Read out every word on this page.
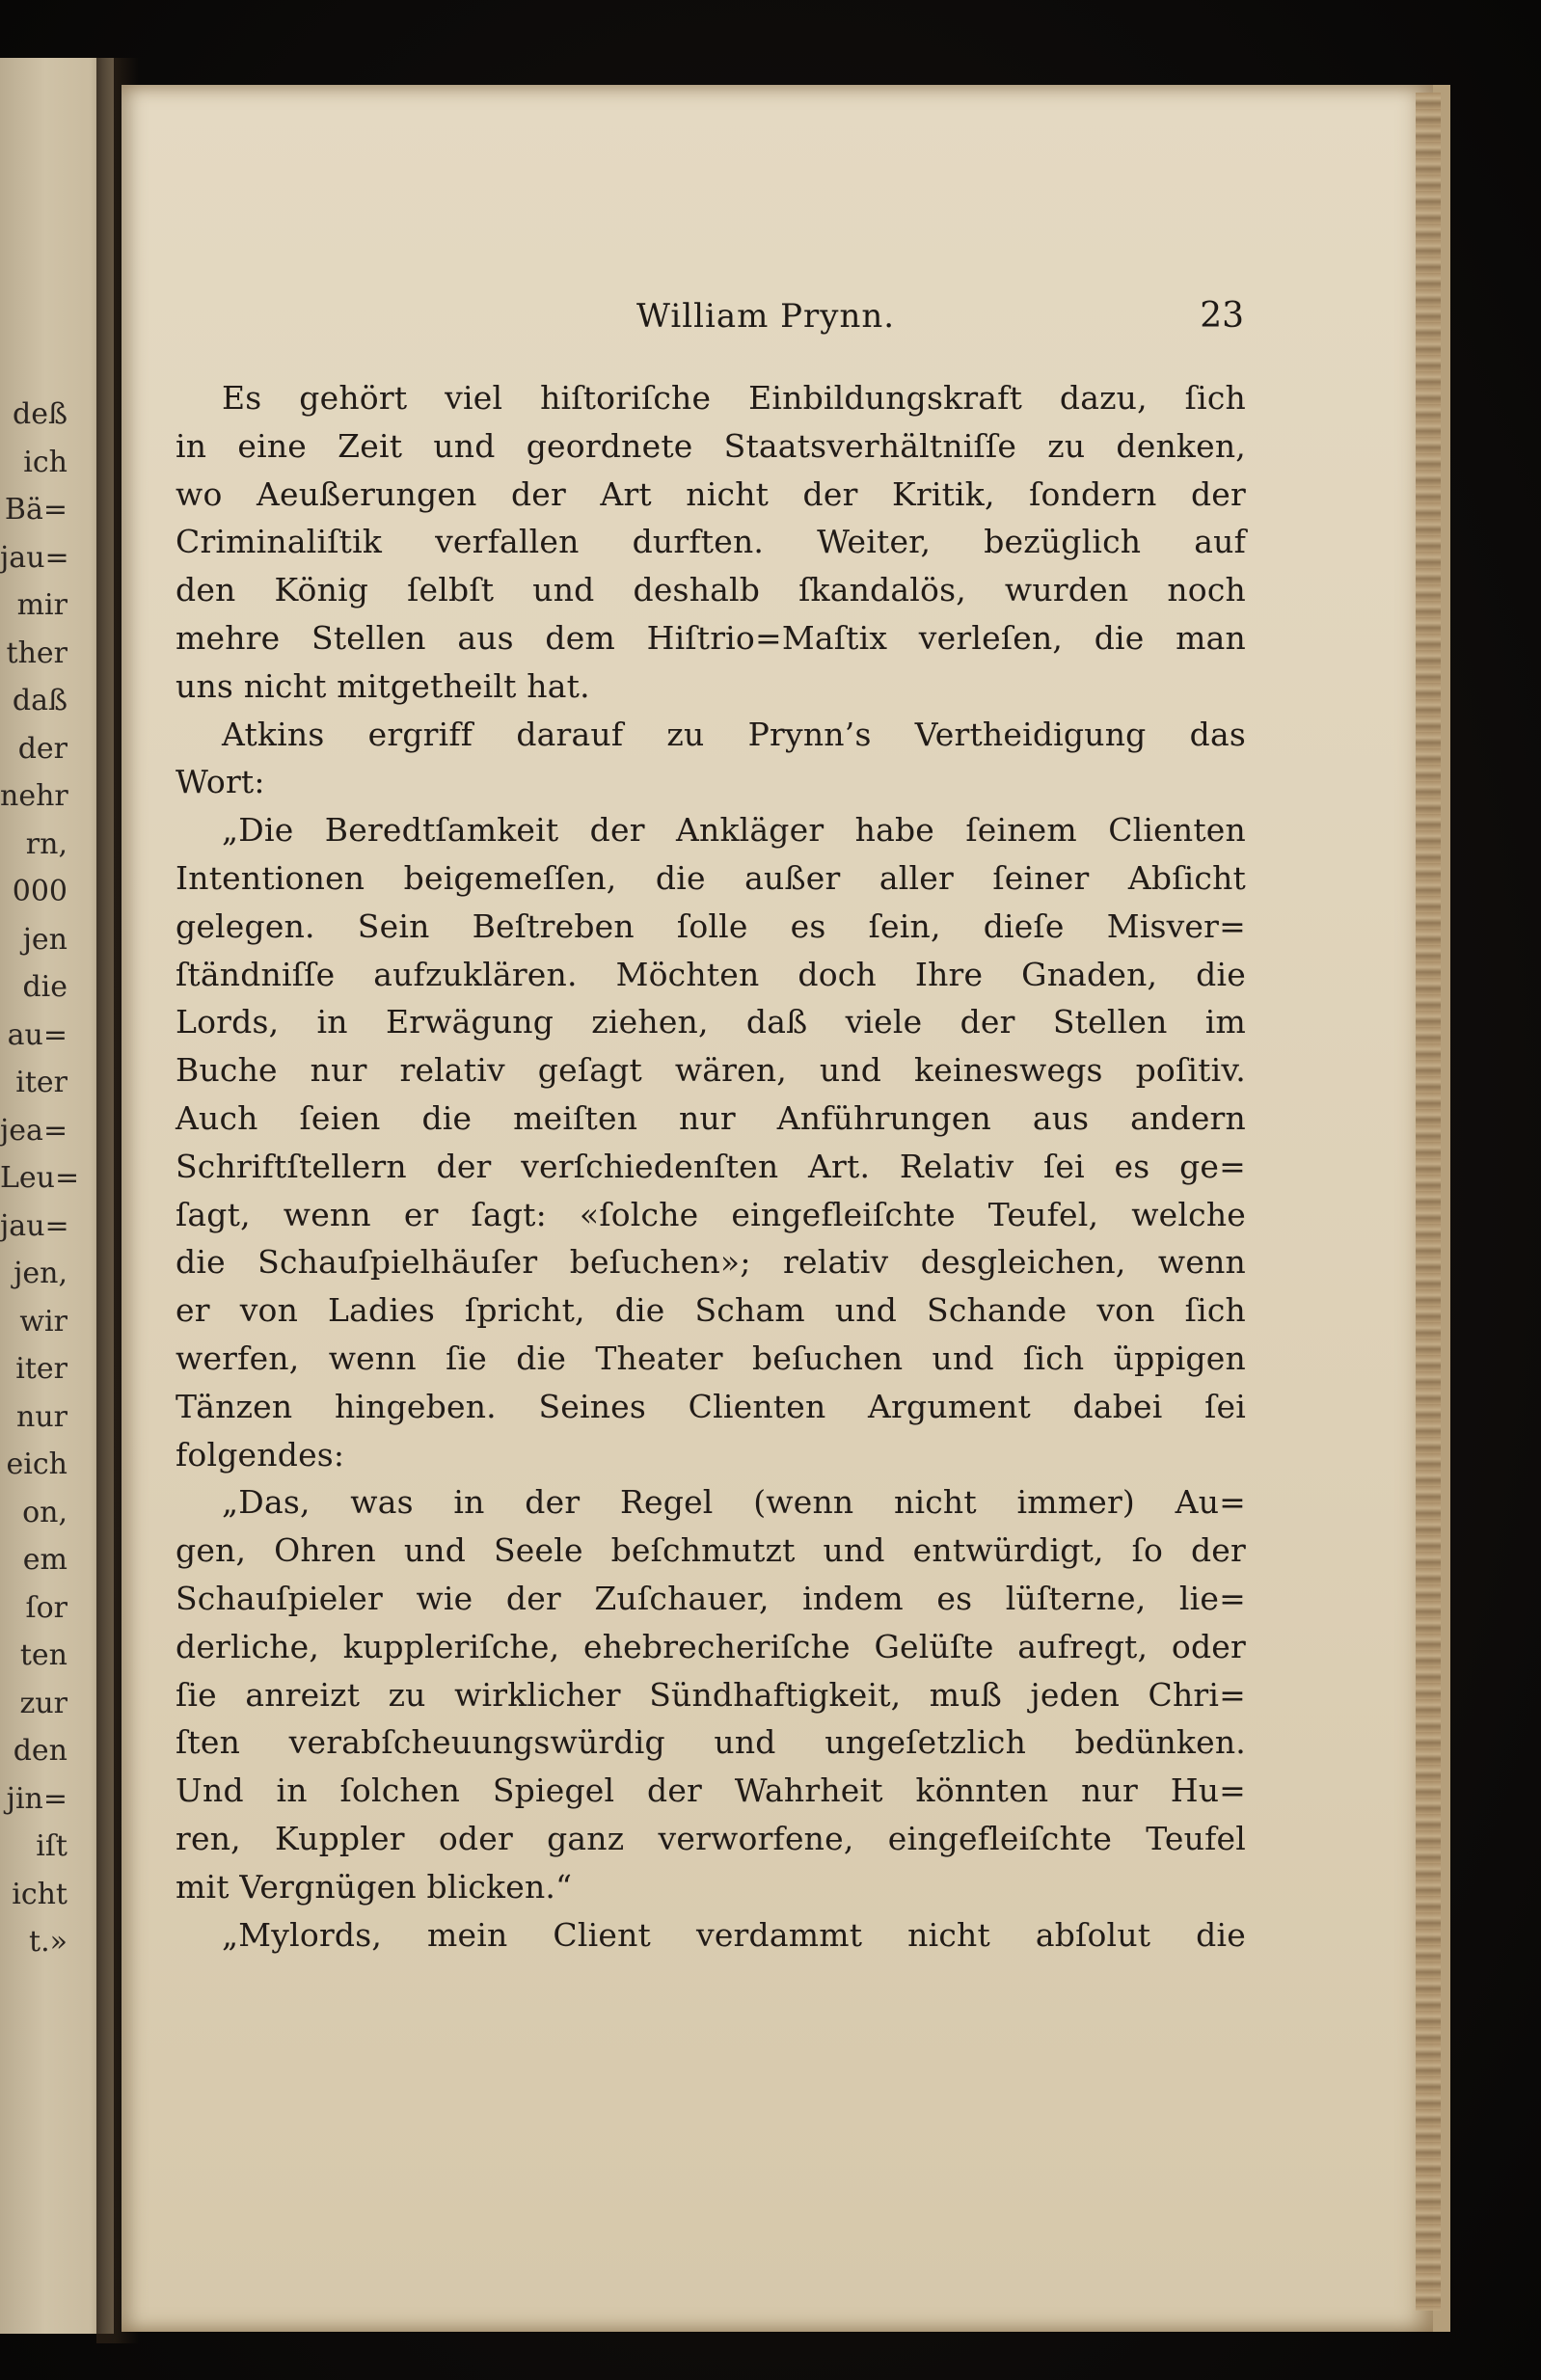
deß
ich
Bä=
jau=
mir
ther
daß
der
nehr
rn,
000
jen
die
au=
iter
jea=
Leu=
jau=
jen,
wir
iter
nur
eich
on,
em
ſor
ten
zur
den
jin=
iſt
icht
t.»
William Prynn.	23
Es gehört viel hiſtoriſche Einbildungskraft dazu, ſich
in eine Zeit und geordnete Staatsverhältniſſe zu denken,
wo Aeußerungen der Art nicht der Kritik, ſondern der
Criminaliſtik verfallen durften. Weiter, bezüglich auf
den König ſelbſt und deshalb ſkandalös, wurden noch
mehre Stellen aus dem Hiſtrio=Maſtix verleſen, die man
uns nicht mitgetheilt hat.
Atkins ergriff darauf zu Prynn’s Vertheidigung das
Wort:
„Die Beredtſamkeit der Ankläger habe ſeinem Clienten
Intentionen beigemeſſen, die außer aller ſeiner Abſicht
gelegen. Sein Beſtreben ſolle es ſein, dieſe Misver=
ſtändniſſe aufzuklären. Möchten doch Ihre Gnaden, die
Lords, in Erwägung ziehen, daß viele der Stellen im
Buche nur relativ geſagt wären, und keineswegs poſitiv.
Auch ſeien die meiſten nur Anführungen aus andern
Schriftſtellern der verſchiedenſten Art. Relativ ſei es ge=
ſagt, wenn er ſagt: «ſolche eingefleiſchte Teufel, welche
die Schauſpielhäuſer beſuchen»; relativ desgleichen, wenn
er von Ladies ſpricht, die Scham und Schande von ſich
werfen, wenn ſie die Theater beſuchen und ſich üppigen
Tänzen hingeben. Seines Clienten Argument dabei ſei
folgendes:
„Das, was in der Regel (wenn nicht immer) Au=
gen, Ohren und Seele beſchmutzt und entwürdigt, ſo der
Schauſpieler wie der Zuſchauer, indem es lüſterne, lie=
derliche, kuppleriſche, ehebrecheriſche Gelüſte aufregt, oder
ſie anreizt zu wirklicher Sündhaftigkeit, muß jeden Chri=
ſten verabſcheuungswürdig und ungeſetzlich bedünken.
Und in ſolchen Spiegel der Wahrheit könnten nur Hu=
ren, Kuppler oder ganz verworfene, eingefleiſchte Teufel
mit Vergnügen blicken.“
„Mylords, mein Client verdammt nicht abſolut die
